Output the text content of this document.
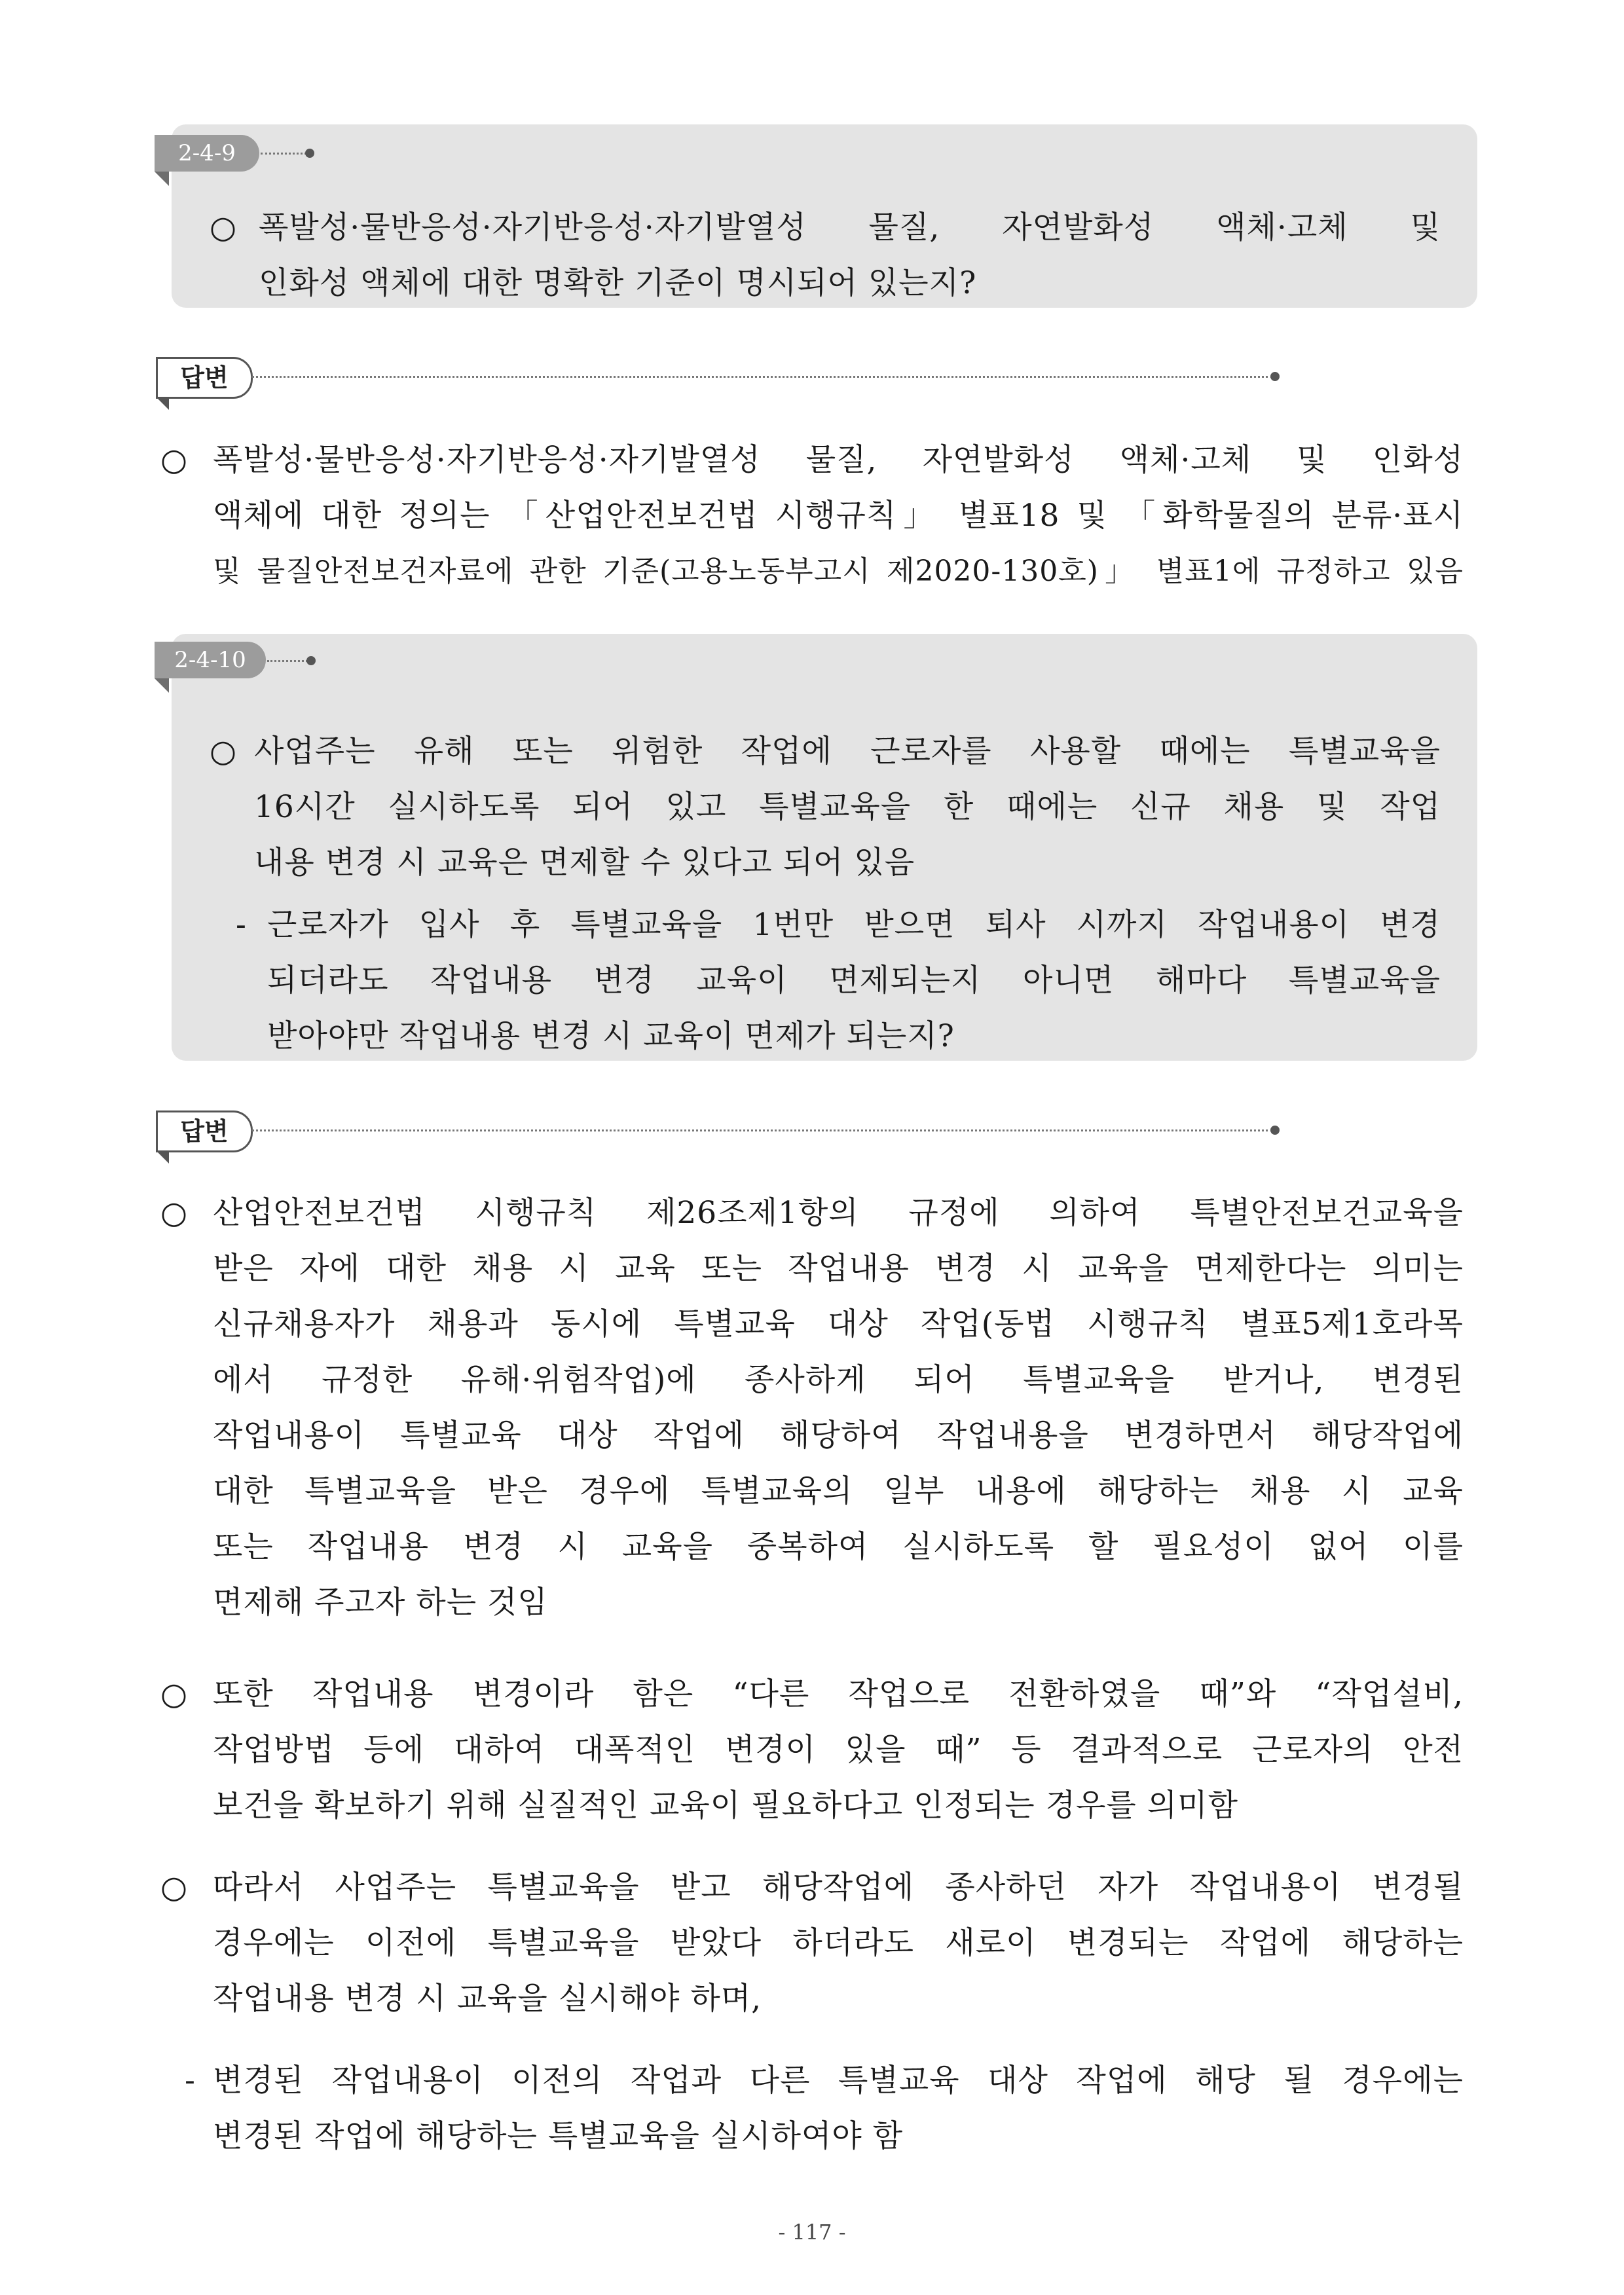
2-4-9
○ 폭발성·물반응성·자기반응성·자기발열성 물질, 자연발화성 액체·고체 및
인화성 액체에 대한 명확한 기준이 명시되어 있는지?
답변
○ 폭발성·물반응성·자기반응성·자기발열성 물질, 자연발화성 액체·고체 및 인화성
액체에 대한 정의는 「산업안전보건법 시행규칙」 별표18 및 「화학물질의 분류·표시
및 물질안전보건자료에 관한 기준(고용노동부고시 제2020-130호)」 별표1에 규정하고 있음
2-4-10
○ 사업주는 유해 또는 위험한 작업에 근로자를 사용할 때에는 특별교육을
16시간 실시하도록 되어 있고 특별교육을 한 때에는 신규 채용 및 작업
내용 변경 시 교육은 면제할 수 있다고 되어 있음
- 근로자가 입사 후 특별교육을 1번만 받으면 퇴사 시까지 작업내용이 변경
되더라도 작업내용 변경 교육이 면제되는지 아니면 해마다 특별교육을
받아야만 작업내용 변경 시 교육이 면제가 되는지?
답변
○ 산업안전보건법 시행규칙 제26조제1항의 규정에 의하여 특별안전보건교육을
받은 자에 대한 채용 시 교육 또는 작업내용 변경 시 교육을 면제한다는 의미는
신규채용자가 채용과 동시에 특별교육 대상 작업(동법 시행규칙 별표5제1호라목
에서 규정한 유해·위험작업)에 종사하게 되어 특별교육을 받거나, 변경된
작업내용이 특별교육 대상 작업에 해당하여 작업내용을 변경하면서 해당작업에
대한 특별교육을 받은 경우에 특별교육의 일부 내용에 해당하는 채용 시 교육
또는 작업내용 변경 시 교육을 중복하여 실시하도록 할 필요성이 없어 이를
면제해 주고자 하는 것임
○ 또한 작업내용 변경이라 함은 “다른 작업으로 전환하였을 때”와 “작업설비,
작업방법 등에 대하여 대폭적인 변경이 있을 때” 등 결과적으로 근로자의 안전
보건을 확보하기 위해 실질적인 교육이 필요하다고 인정되는 경우를 의미함
○ 따라서 사업주는 특별교육을 받고 해당작업에 종사하던 자가 작업내용이 변경될
경우에는 이전에 특별교육을 받았다 하더라도 새로이 변경되는 작업에 해당하는
작업내용 변경 시 교육을 실시해야 하며,
- 변경된 작업내용이 이전의 작업과 다른 특별교육 대상 작업에 해당 될 경우에는
변경된 작업에 해당하는 특별교육을 실시하여야 함
- 117 -
